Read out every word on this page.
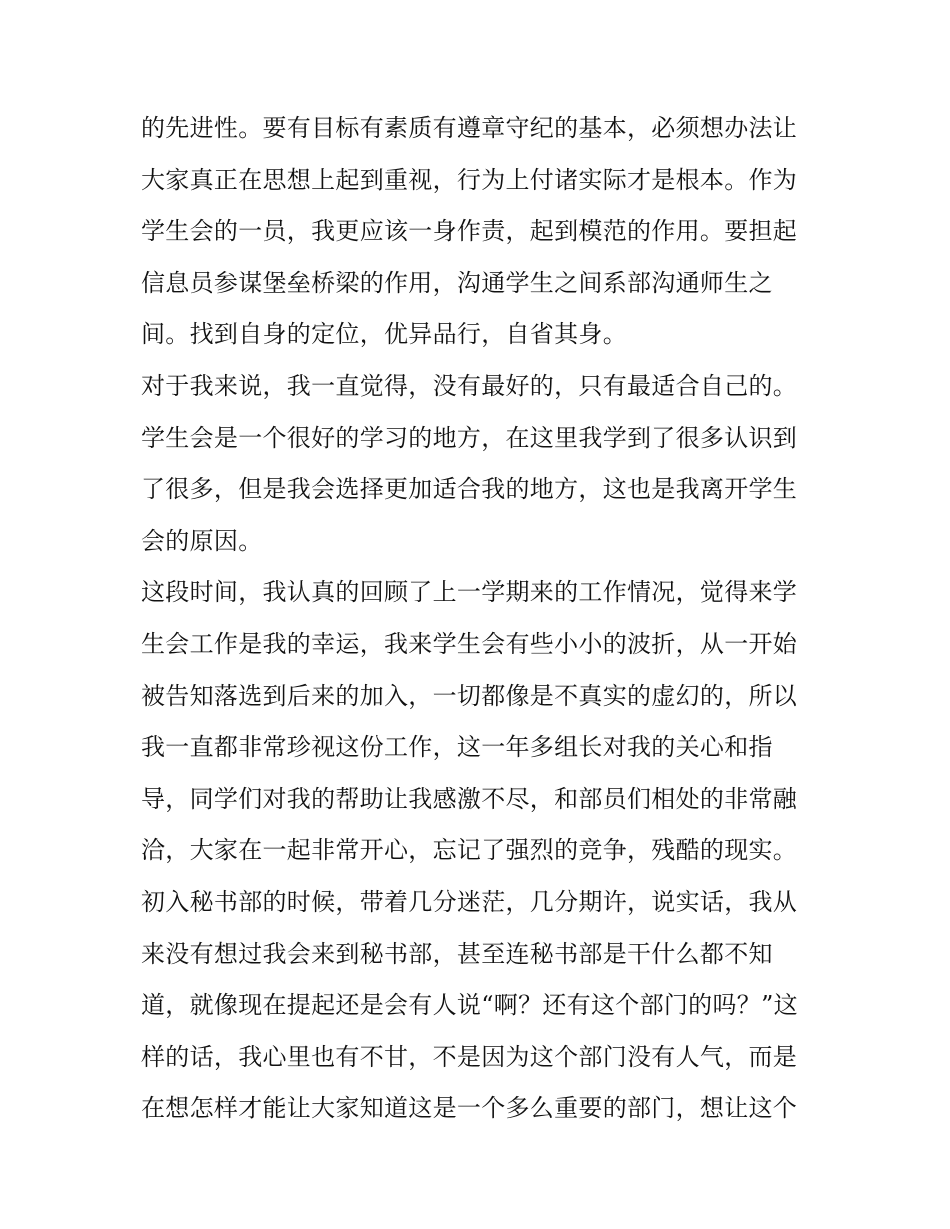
的先进性。要有目标有素质有遵章守纪的基本，必须想办法让
大家真正在思想上起到重视，行为上付诸实际才是根本。作为
学生会的一员，我更应该一身作责，起到模范的作用。要担起
信息员参谋堡垒桥梁的作用，沟通学生之间系部沟通师生之
间。找到自身的定位，优异品行，自省其身。
对于我来说，我一直觉得，没有最好的，只有最适合自己的。
学生会是一个很好的学习的地方，在这里我学到了很多认识到
了很多，但是我会选择更加适合我的地方，这也是我离开学生
会的原因。
这段时间，我认真的回顾了上一学期来的工作情况，觉得来学
生会工作是我的幸运，我来学生会有些小小的波折，从一开始
被告知落选到后来的加入，一切都像是不真实的虚幻的，所以
我一直都非常珍视这份工作，这一年多组长对我的关心和指
导，同学们对我的帮助让我感激不尽，和部员们相处的非常融
洽，大家在一起非常开心，忘记了强烈的竞争，残酷的现实。
初入秘书部的时候，带着几分迷茫，几分期许，说实话，我从
来没有想过我会来到秘书部，甚至连秘书部是干什么都不知
道，就像现在提起还是会有人说“啊？还有这个部门的吗？”这
样的话，我心里也有不甘，不是因为这个部门没有人气，而是
在想怎样才能让大家知道这是一个多么重要的部门，想让这个
